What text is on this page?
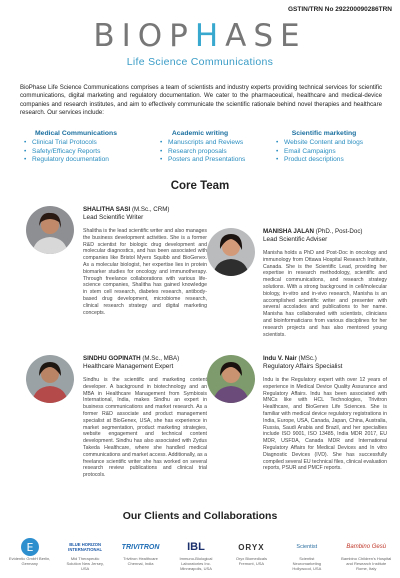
GSTIN/TRN No 29220009028​6TRN
BIOPHASE
Life Science Communications

BioPhase Life Science Communications comprises a team of scientists and industry experts providing technical services for scientific communications, digital marketing and regulatory documentation. We cater to the pharmaceutical, healthcare and medical-device companies and research institutes, and aim to effectively communicate the scientific rationale behind novel therapies and healthcare research. Our services include:

Medical Communications
• Clinical Trial Protocols
• Safety/Efficacy Reports
• Regulatory documentation
Academic writing
• Manuscripts and Reviews
• Research proposals
• Posters and Presentations
Scientific marketing
• Website Content and blogs
• Email Campaigns
• Product descriptions
Core Team
SHALITHA SASI (M.Sc., CRM)
Lead Scientific Writer

Shalitha is the lead scientific writer and also manages the business development activities. She is a former R&D scientist for biologic drug development and molecular diagnostics, and has been associated with companies like Bristol Myers Squibb and BioGenex. As a molecular biologist, her expertise lies in protein biomarker studies for oncology and immunotherapy. Through freelance collaborations with various life-science companies, Shalitha has gained knowledge in stem cell research, diabetes research, antibody-based drug development, microbiome research, clinical research strategy and digital marketing concepts.

MANISHA JALAN (PhD., Post-Doc)
Lead Scientific Adviser

Manisha holds a PhD and Post-Doc in oncology and immunology from Ottawa Hospital Research Institute, Canada. She is the Scientific Lead, providing her expertise in research methodology, scientific and medical communications, and research strategy solutions. With a strong background in cell/molecular biology, in-vitro and in-vivo research, Manisha is an accomplished scientific writer and presenter with several accolades and publications to her name. Manisha has collaborated with scientists, clinicians and bioinformaticians from various disciplines for her research projects and has also mentored young scientists.

SINDHU GOPINATH (M.Sc., MBA)
Healthcare Management Expert

Sindhu is the scientific and marketing content developer. A background in biotechnology and an MBA in Healthcare Management from Symbiosis International, India, makes Sindhu an expert in business communications and market research. As a former R&D associate and product management specialist at BioGenex, USA, she has experience in market segmentation, product marketing strategies, website engagement and technical content development. Sindhu has also associated with Zydus Takeda Healthcare, where she handled medical communications and market access. Additionally, as a freelance scientific writer she has worked on several research review publications and clinical trial protocols.

Indu V. Nair (MSc.)
Regulatory Affairs Specialist

Indu is the Regulatory expert with over 12 years of experience in Medical Device Quality Assurance and Regulatory Affairs. Indu has been associated with MNCs like with HCL Technologies, Trivitron Healthcare, and BioGenex Life Sciences. She is familiar with medical device regulatory registrations in India, Europe, USA, Canada, Japan, China, Australia, Russia, Saudi Arabia and Brazil, and her specialties include ISO 9001, ISO 13485, India MDR 2017, EU MDR, USFDA, Canada MDR and International Regulatory Affairs for Medical Devices and In vitro Diagnostic Devices (IVD). She has successfully compiled several EU technical files, clinical evaluation reports, PSUR and PMCF reports.

Our Clients and Collaborations
E
Evidentic GmbH Berlin, Germany
BLUE HORIZON INTERNATIONAL
Mid Therapeutic Solution New Jersey, USA
TRIVITRON
Trivitron Healthcare Chennai, India
IBL
Immuno-Biological Laboratories Inc. Minneapolis, USA
ORYX
Oryx Biomedicals Fremont, USA
Scientist
Scientist Neuromarketing Hollywood, USA
Bambino Gesù
Bambino Children's Hospital and Research Institute Rome, Italy
